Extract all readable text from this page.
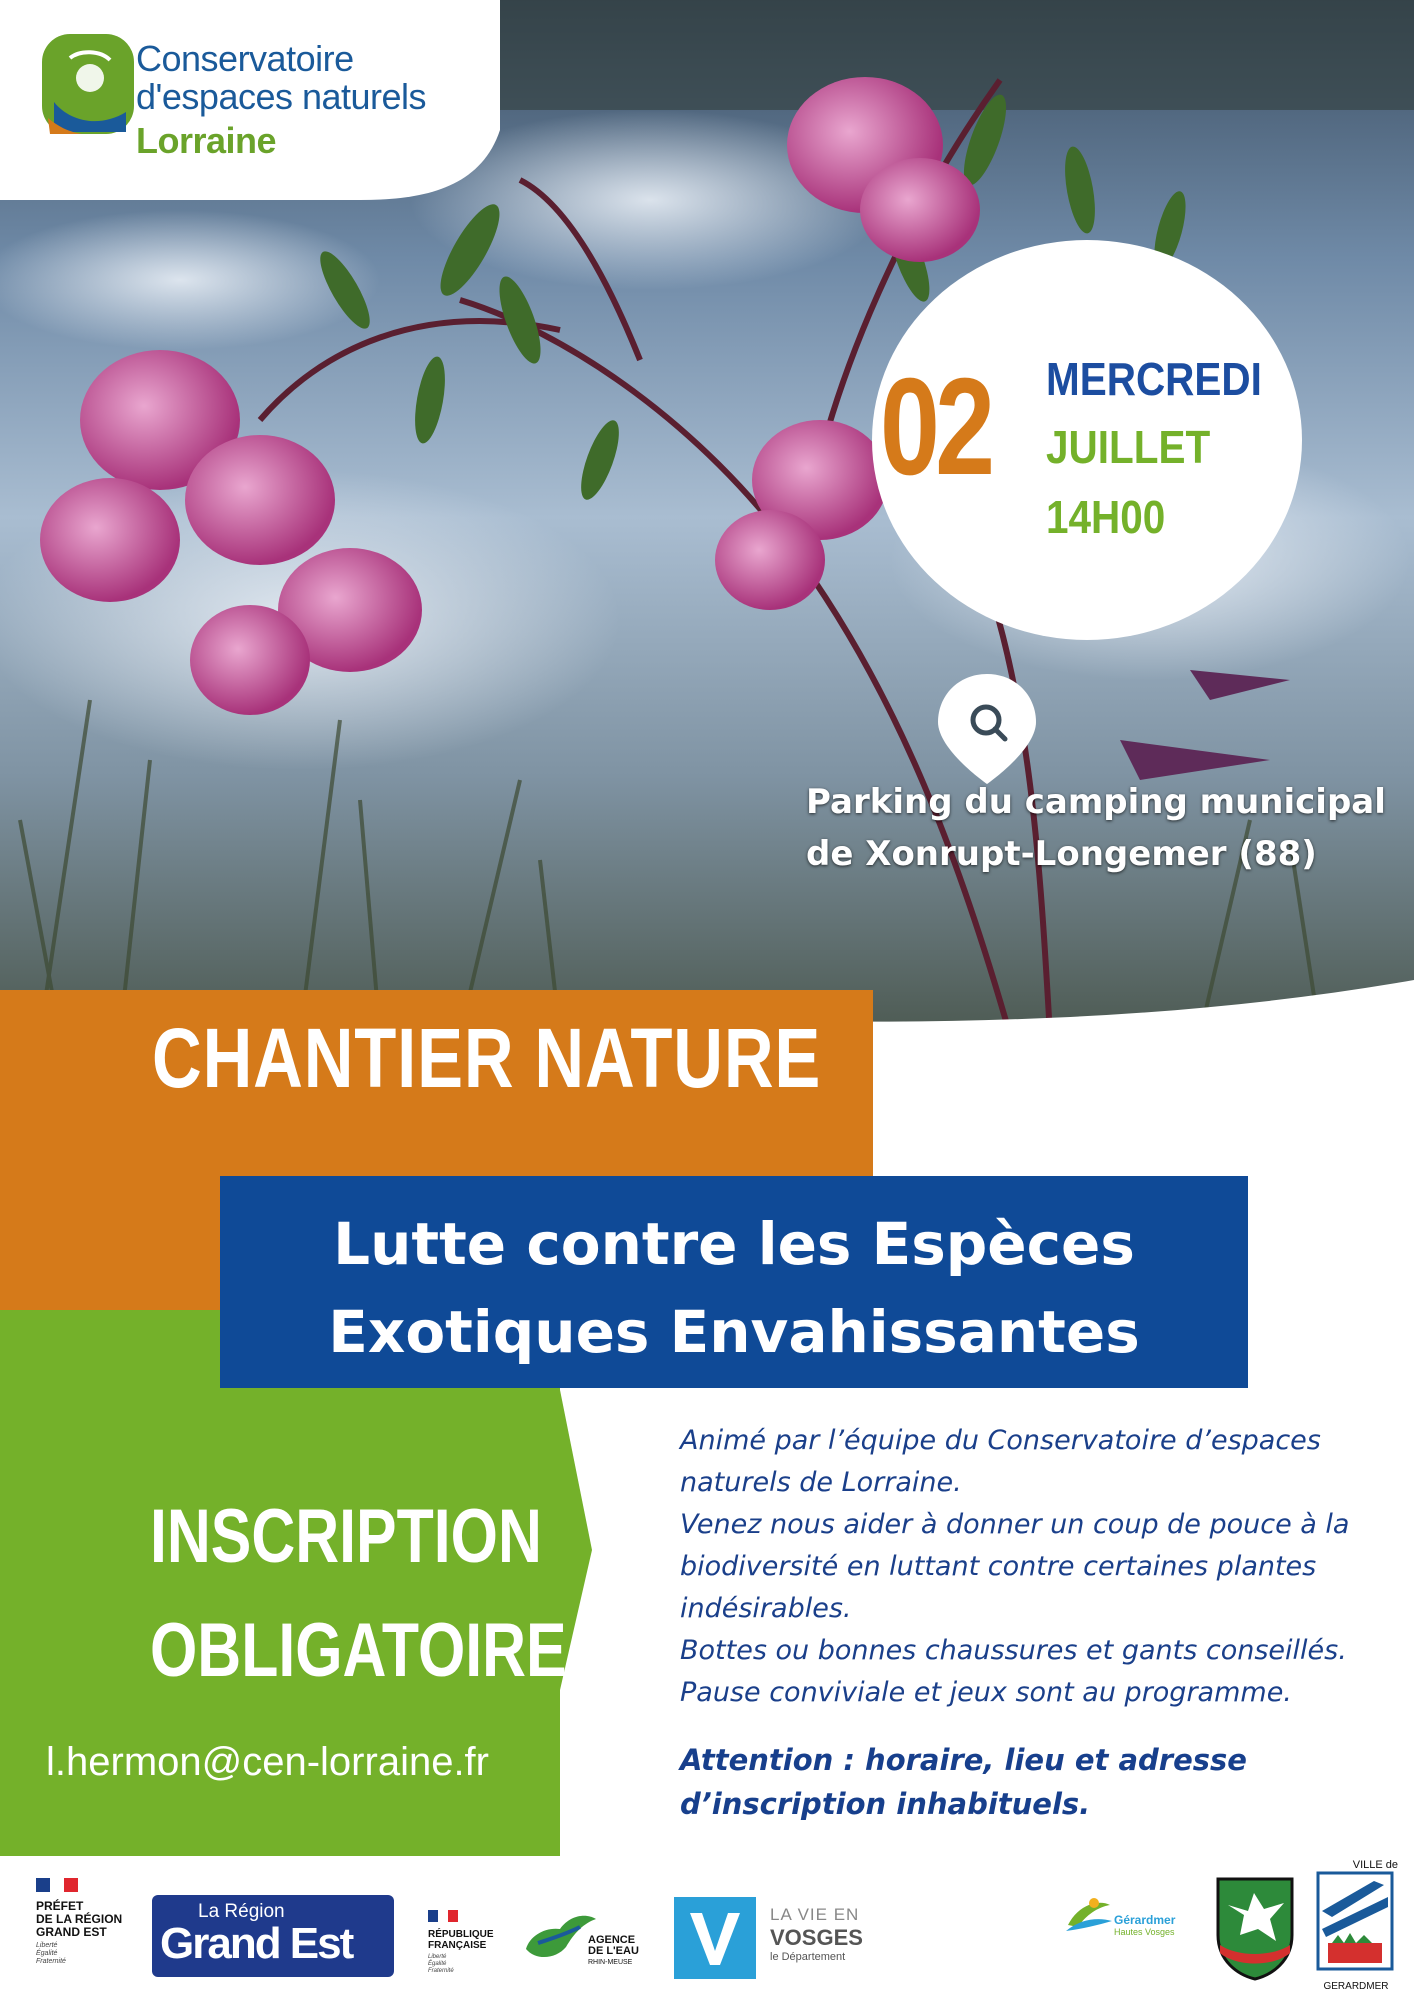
Conservatoire
d'espaces naturels
Lorraine
02 MERCREDI
JUILLET
14H00
Parking du camping municipal
de Xonrupt-Longemer (88)
CHANTIER NATURE
Lutte contre les Espèces
Exotiques Envahissantes
INSCRIPTION
OBLIGATOIRE
l.hermon@cen-lorraine.fr

Animé par l’équipe du Conservatoire d’espaces naturels de Lorraine.

Venez nous aider à donner un coup de pouce à la biodiversité en luttant contre certaines plantes indésirables.

Bottes ou bonnes chaussures et gants conseillés.

Pause conviviale et jeux sont au programme.

Attention : horaire, lieu et adresse d’inscription inhabituels.
PRÉFET
DE LA RÉGION
GRAND EST
Liberté
Égalité
Fraternité
La Région
Grand Est	RÉPUBLIQUE
FRANÇAISE
Liberté
Égalité
Fraternité
AGENCE
DE L'EAU
RHIN-MEUSE
LA VIE EN
VOSGES
le Département
Gérardmer
Hautes Vosges
VILLE de
GERARDMER
